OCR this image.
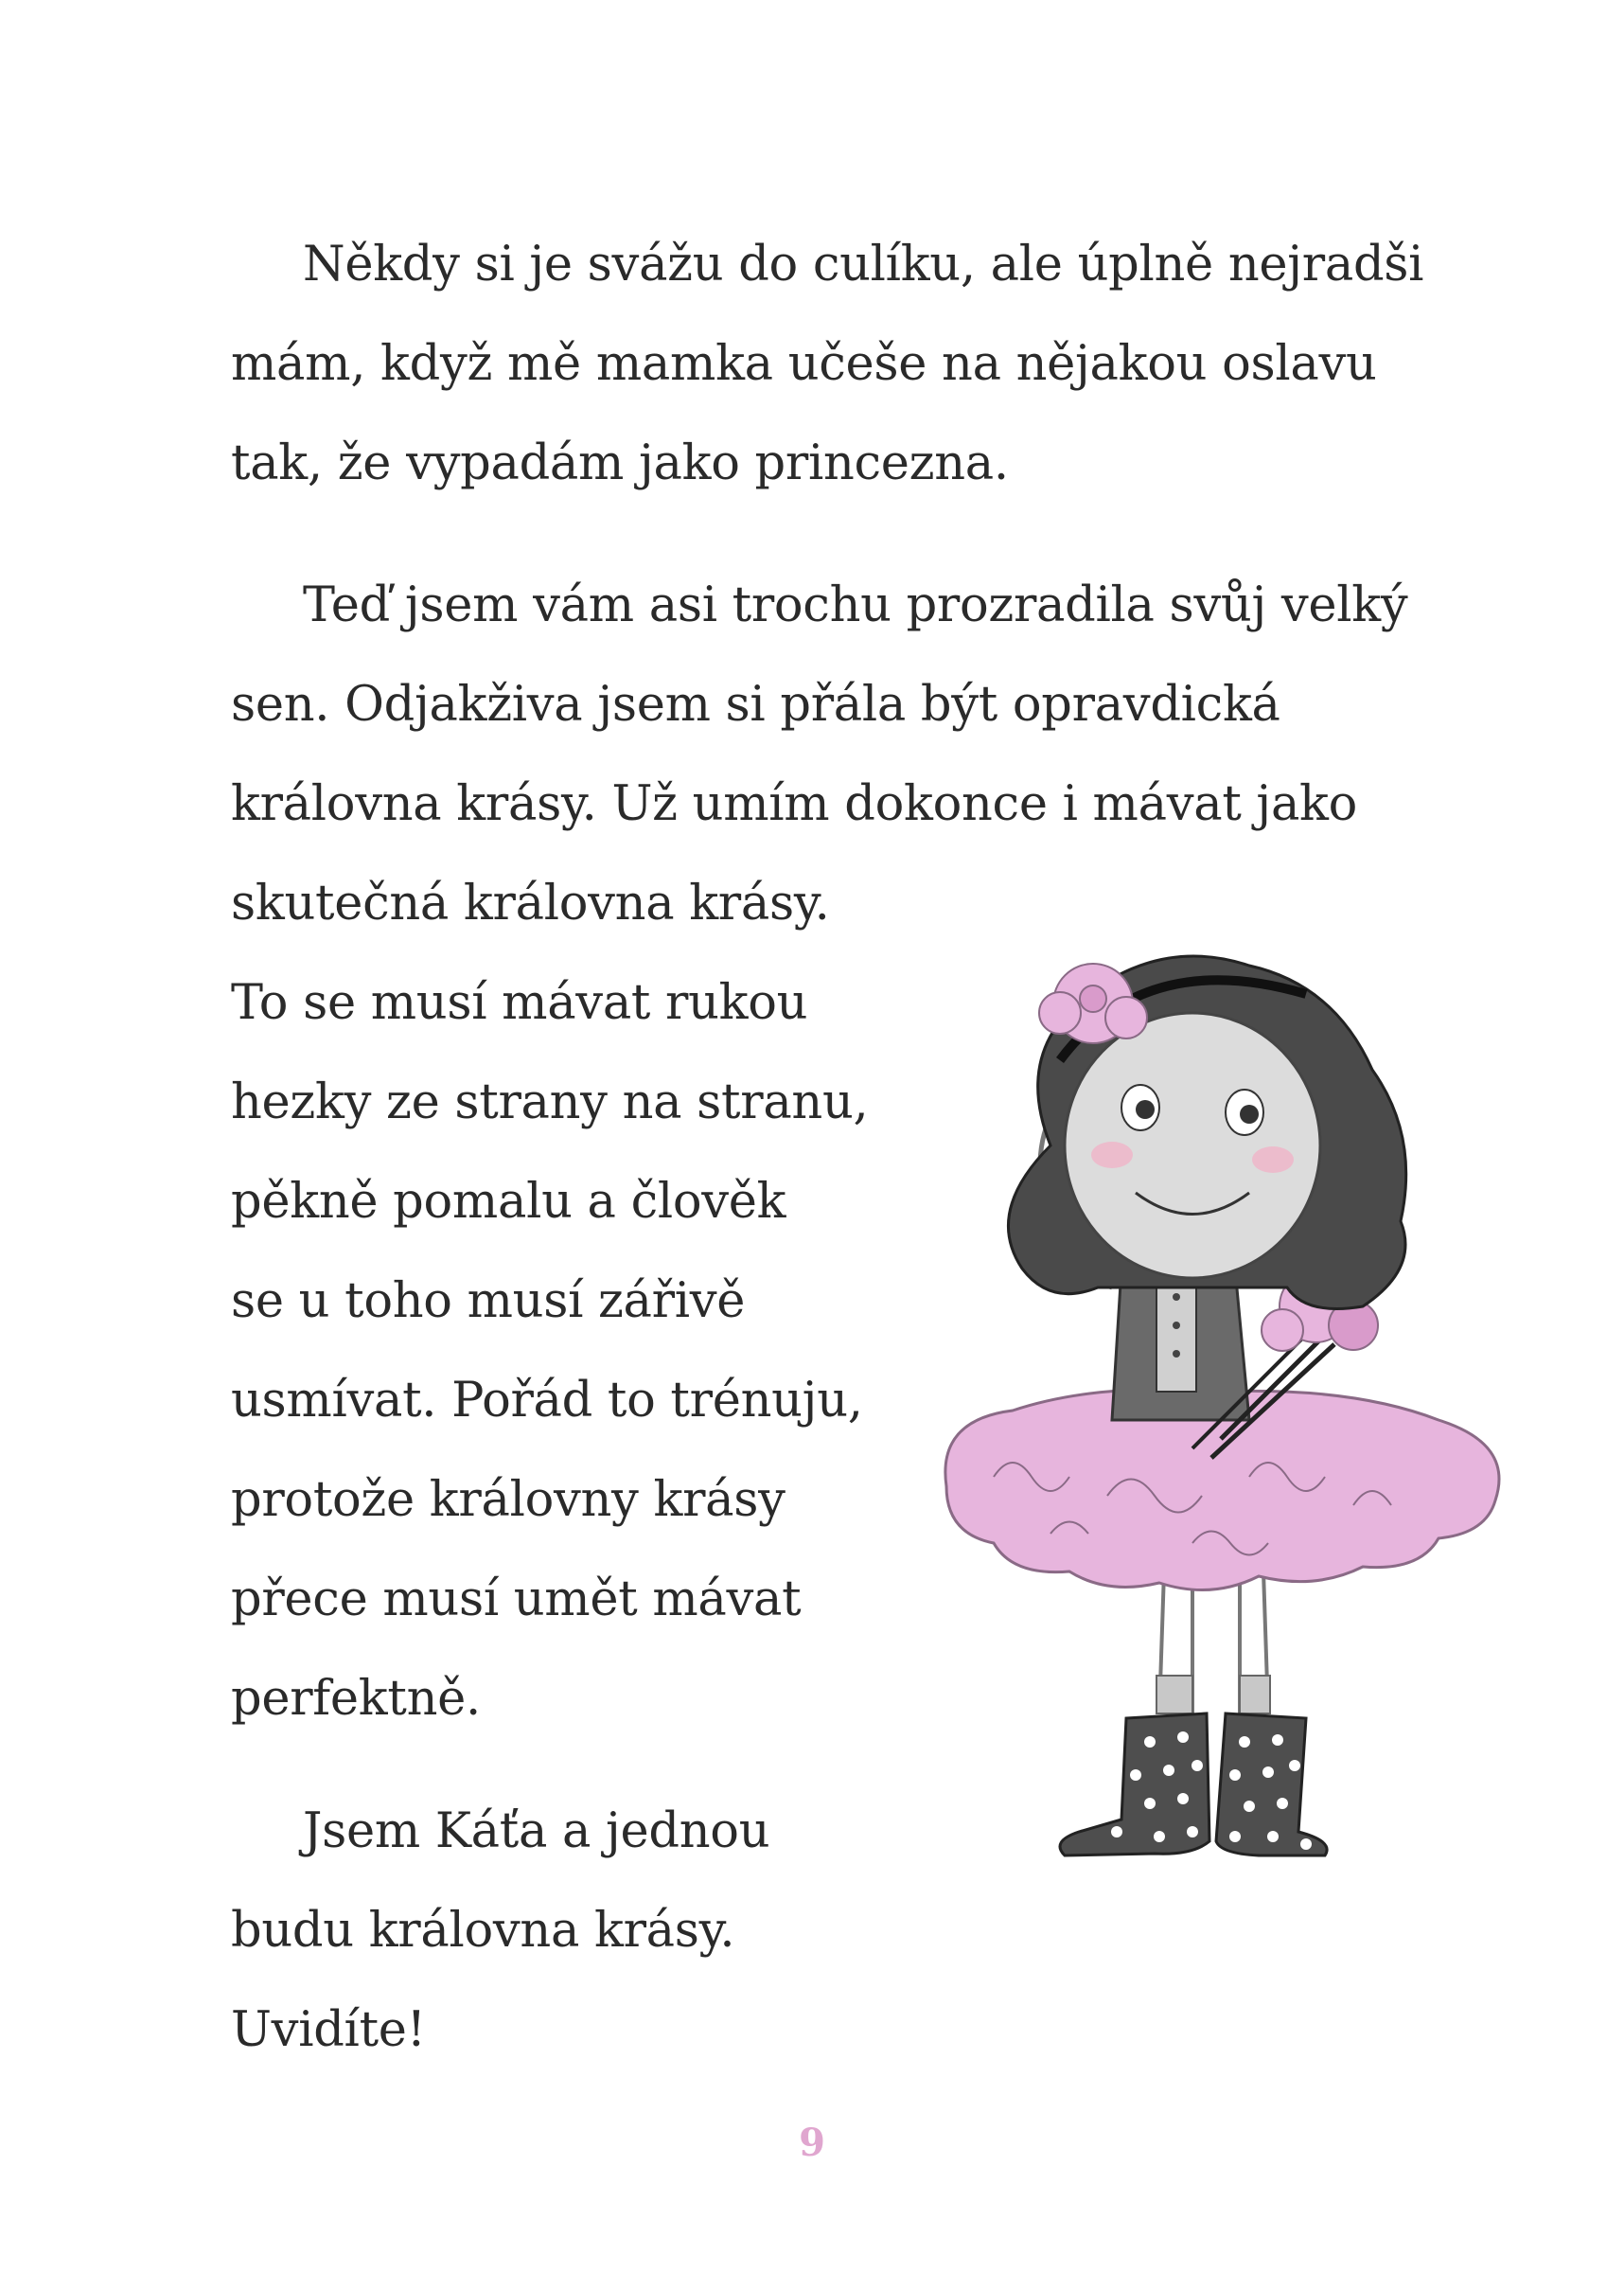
Někdy si je svážu do culíku, ale úplně nejradši

mám, když mě mamka učeše na nějakou oslavu

tak, že vypadám jako princezna.

Teď jsem vám asi trochu prozradila svůj velký

sen. Odjakživa jsem si přála být opravdická

královna krásy. Už umím dokonce i mávat jako

skutečná královna krásy.

To se musí mávat rukou

hezky ze strany na stranu,

pěkně pomalu a člověk

se u toho musí zářivě

usmívat. Pořád to trénuju,

protože královny krásy

přece musí umět mávat

perfektně.

Jsem Káťa a jednou

budu královna krásy.

Uvidíte!

9
